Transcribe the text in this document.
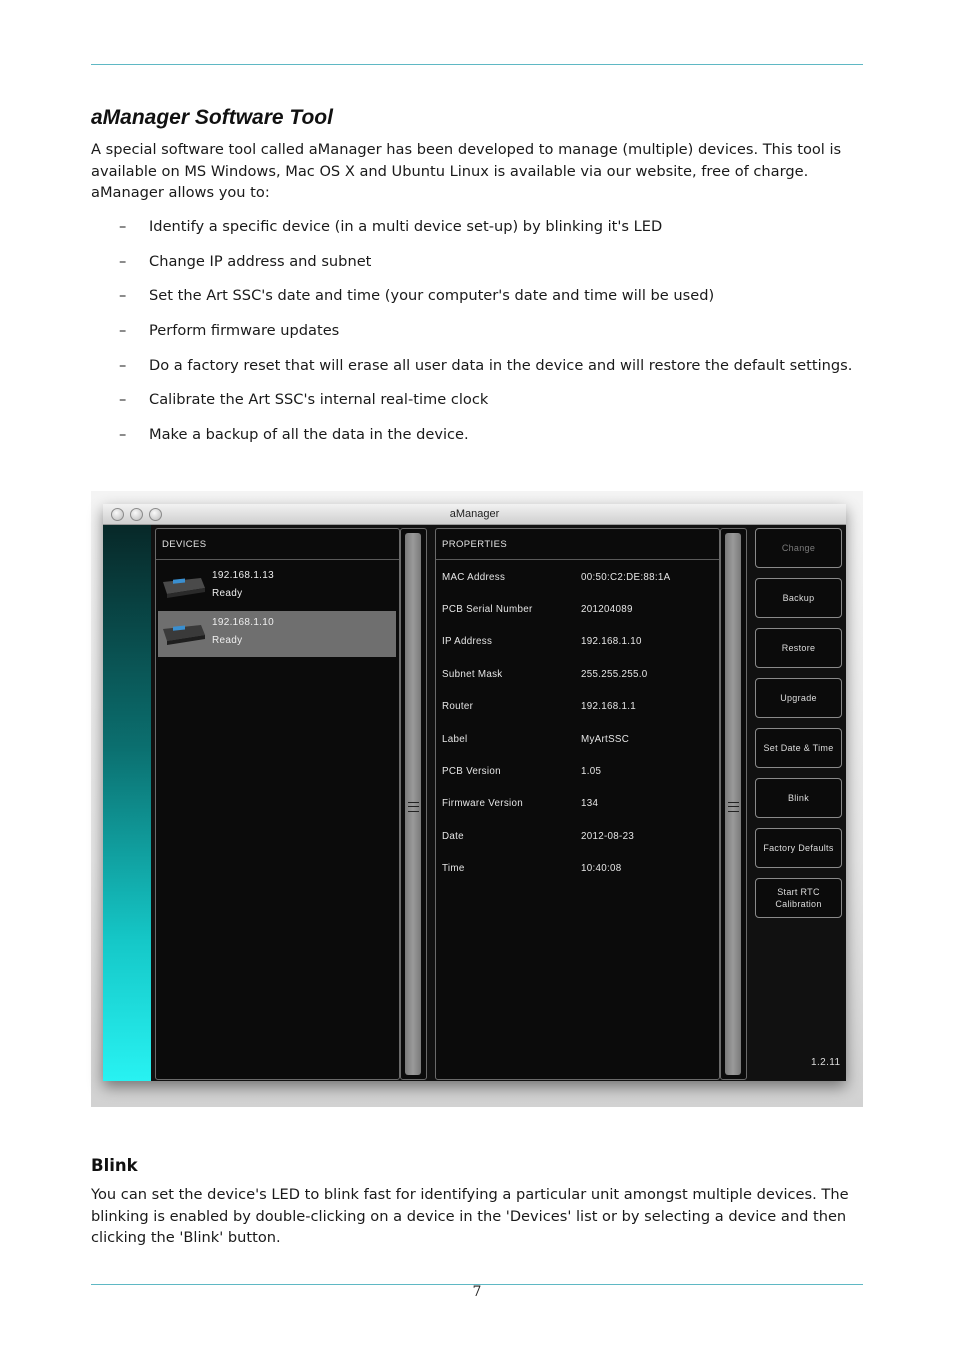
aManager Software Tool

A special software tool called aManager has been developed to manage (multiple) devices. This tool is available on MS Windows, Mac OS X and Ubuntu Linux is available via our website, free of charge. aManager allows you to:

– Identify a specific device (in a multi device set-up) by blinking it's LED
– Change IP address and subnet
– Set the Art SSC's date and time (your computer's date and time will be used)
– Perform firmware updates
– Do a factory reset that will erase all user data in the device and will restore the default settings.
– Calibrate the Art SSC's internal real-time clock
– Make a backup of all the data in the device.
aManager
DEVICES
192.168.1.13
Ready
192.168.1.10
Ready
PROPERTIES
MAC Address	00:50:C2:DE:88:1A
PCB Serial Number	201204089
IP Address	192.168.1.10
Subnet Mask	255.255.255.0
Router	192.168.1.1
Label	MyArtSSC
PCB Version	1.05
Firmware Version	134
Date	2012-08-23
Time	10:40:08
Change
Backup
Restore
Upgrade
Set Date & Time
Blink
Factory Defaults
Start RTC
Calibration
1.2.11
Blink

You can set the device's LED to blink fast for identifying a particular unit amongst multiple devices. The blinking is enabled by double-clicking on a device in the 'Devices' list or by selecting a device and then clicking the 'Blink' button.

7
